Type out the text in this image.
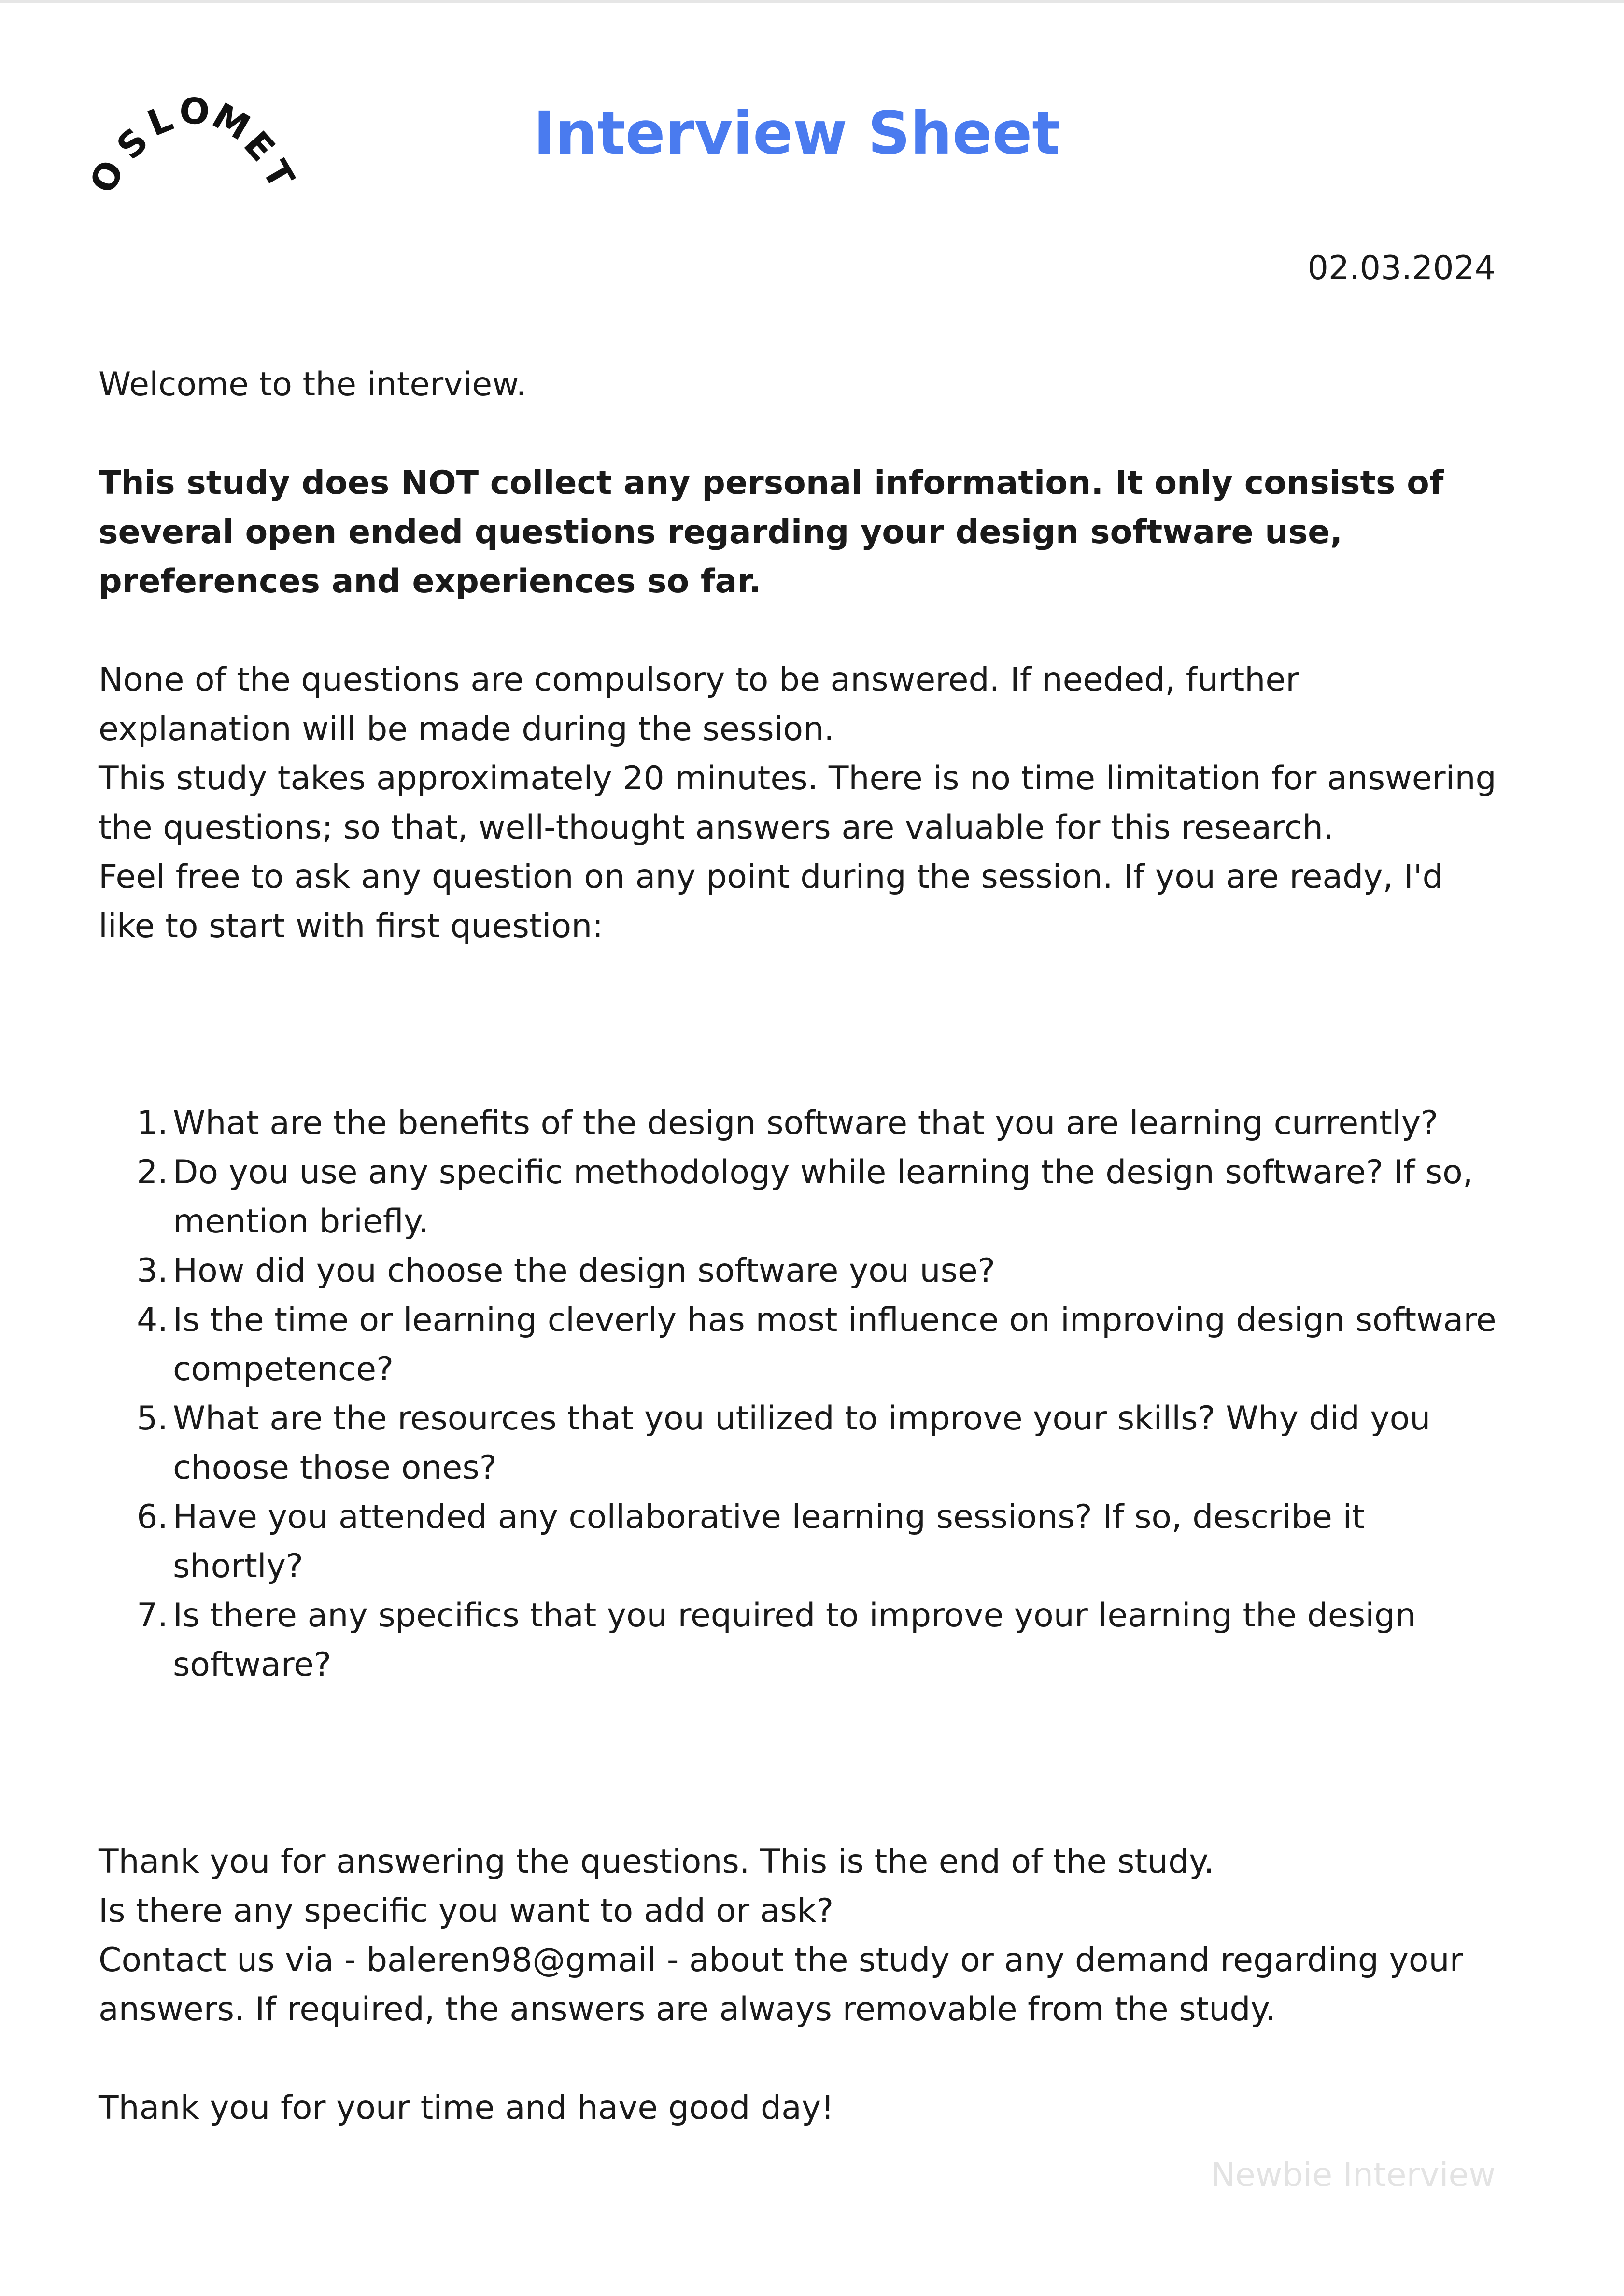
O
S
L
O
M
E
T
Interview Sheet
02.03.2024

Welcome to the interview.

This study does NOT collect any personal information. It only consists of several open ended questions regarding your design software use, preferences and experiences so far.

None of the questions are compulsory to be answered. If needed, further explanation will be made during the session.

This study takes approximately 20 minutes. There is no time limitation for answering the questions; so that, well-thought answers are valuable for this research.

Feel free to ask any question on any point during the session. If you are ready, I'd like to start with first question:

1. What are the benefits of the design software that you are learning currently?
2. Do you use any specific methodology while learning the design software? If so, mention briefly.
3. How did you choose the design software you use?
4. Is the time or learning cleverly has most influence on improving design software competence?
5. What are the resources that you utilized to improve your skills? Why did you choose those ones?
6. Have you attended any collaborative learning sessions? If so, describe it shortly?
7. Is there any specifics that you required to improve your learning the design software?

Thank you for answering the questions. This is the end of the study.

Is there any specific you want to add or ask?

Contact us via - baleren98@gmail - about the study or any demand regarding your answers. If required, the answers are always removable from the study.

Thank you for your time and have good day!

Newbie Interview
